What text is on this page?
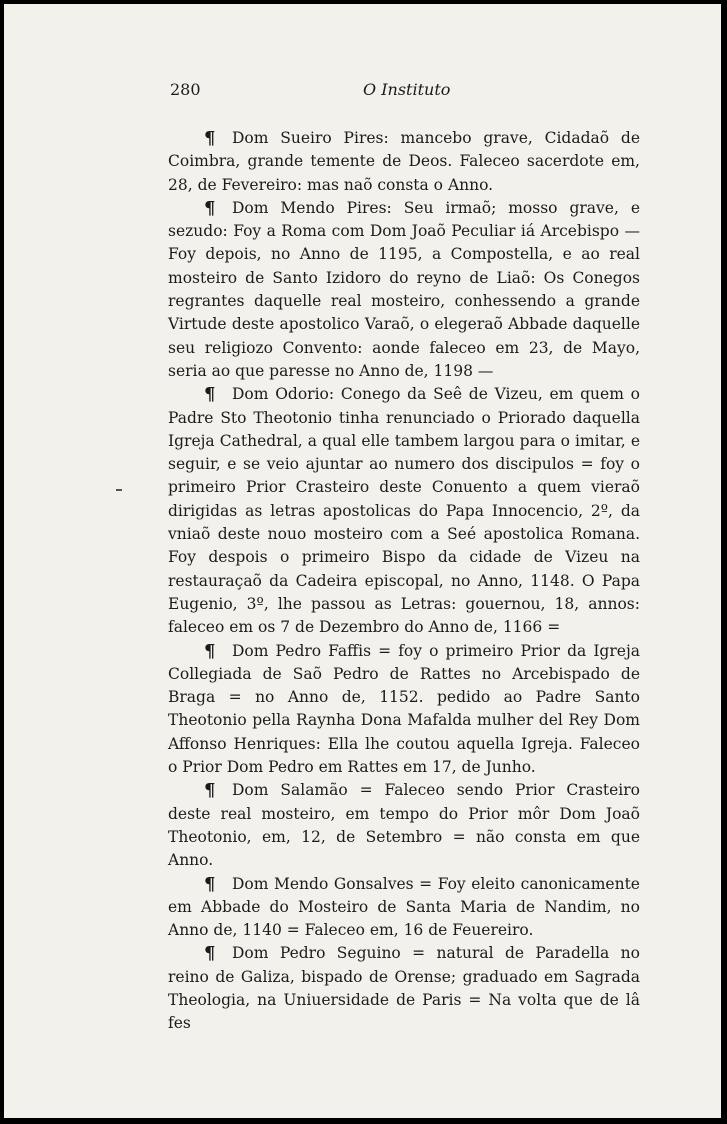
280	O Instituto

¶	Dom Sueiro Pires: mancebo grave, Cidadaõ de Coimbra, grande temente de Deos. Faleceo sacerdote em, 28, de Fevereiro: mas naõ consta o Anno.

¶	Dom Mendo Pires: Seu irmaõ; mosso grave, e sezudo: Foy a Roma com Dom Joaõ Peculiar iá Arcebispo — Foy depois, no Anno de 1195, a Compostella, e ao real mosteiro de Santo Izidoro do reyno de Liaõ: Os Conegos regrantes daquelle real mosteiro, conhessendo a grande Virtude deste apostolico Varaõ, o elegeraõ Abbade daquelle seu religiozo Convento: aonde faleceo em 23, de Mayo, seria ao que paresse no Anno de, 1198 —

¶	Dom Odorio: Conego da Seê de Vizeu, em quem o Padre Sto Theotonio tinha renunciado o Priorado daquella Igreja Cathedral, a qual elle tambem largou para o imitar, e seguir, e se veio ajuntar ao numero dos discipulos = foy o primeiro Prior Crasteiro deste Conuento a quem vieraõ dirigidas as letras apostolicas do Papa Innocencio, 2º, da vniaõ deste nouo mosteiro com a Seé apostolica Romana. Foy despois o primeiro Bispo da cidade de Vizeu na restauraçaõ da Cadeira episcopal, no Anno, 1148. O Papa Eugenio, 3º, lhe passou as Letras: gouernou, 18, annos: faleceo em os 7 de Dezembro do Anno de, 1166 =

¶	Dom Pedro Faffis = foy o primeiro Prior da Igreja Collegiada de Saõ Pedro de Rattes no Arcebispado de Braga = no Anno de, 1152. pedido ao Padre Santo Theotonio pella Raynha Dona Mafalda mulher del Rey Dom Affonso Henriques: Ella lhe coutou aquella Igreja. Faleceo o Prior Dom Pedro em Rattes em 17, de Junho.

¶	Dom Salamão = Faleceo sendo Prior Crasteiro deste real mosteiro, em tempo do Prior môr Dom Joaõ Theotonio, em, 12, de Setembro = não consta em que Anno.

¶	Dom Mendo Gonsalves = Foy eleito canonicamente em Abbade do Mosteiro de Santa Maria de Nandim, no Anno de, 1140 = Faleceo em, 16 de Feuereiro.

¶	Dom Pedro Seguino = natural de Paradella no reino de Galiza, bispado de Orense; graduado em Sagrada Theologia, na Uniuersidade de Paris = Na volta que de lâ fes
